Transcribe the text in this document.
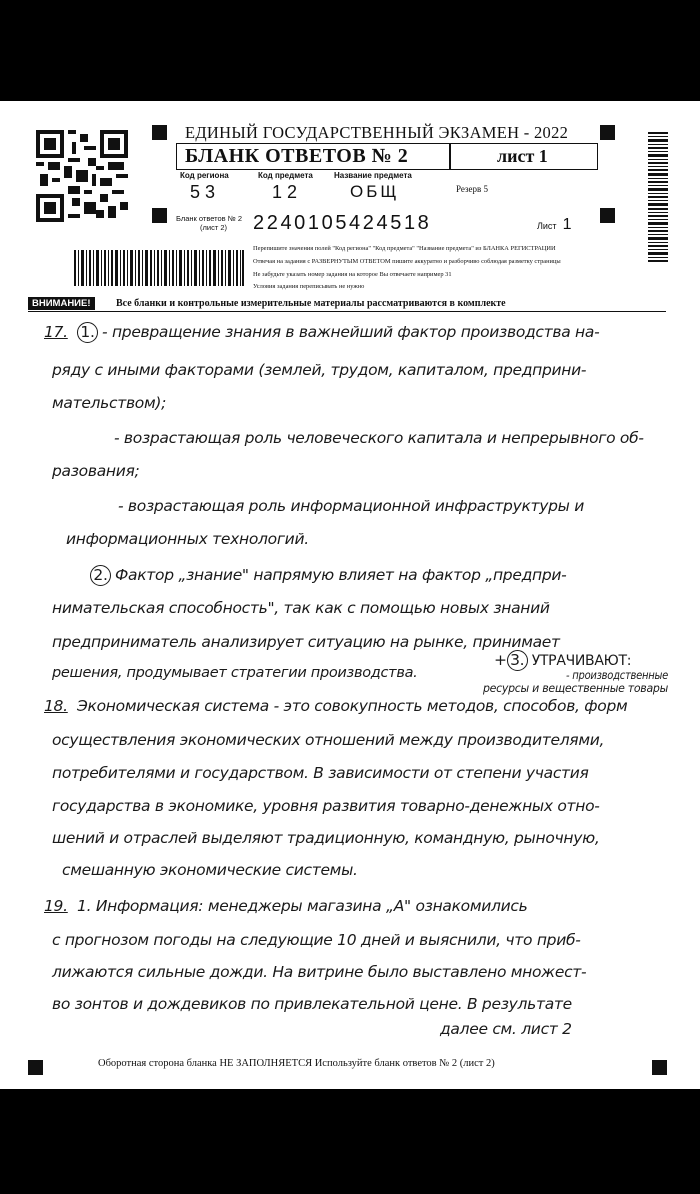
ЕДИНЫЙ ГОСУДАРСТВЕННЫЙ ЭКЗАМЕН - 2022
БЛАНК ОТВЕТОВ № 2	лист 1
Код региона
53
Код предмета
12
Название предмета
ОБЩ	Резерв 5
Бланк ответов № 2
(лист 2)	2240105424518	Лист 1
Перепишите значения полей "Код региона" "Код предмета" "Название предмета" из БЛАНКА РЕГИСТРАЦИИ
Отвечая на задания с РАЗВЕРНУТЫМ ОТВЕТОМ пишите аккуратно и разборчиво соблюдая разметку страницы
Не забудьте указать номер задания на которое Вы отвечаете например 31
Условия задания переписывать не нужно
ВНИМАНИЕ!	Все бланки и контрольные измерительные материалы рассматриваются в комплекте
17. 1. - превращение знания в важнейший фактор производства на-
ряду с иными факторами (землей, трудом, капиталом, предприни-
мательством);
- возрастающая роль человеческого капитала и непрерывного об-
разования;
- возрастающая роль информационной инфраструктуры и
информационных технологий.
2. Фактор „знание" напрямую влияет на фактор „предпри-
нимательская способность", так как с помощью новых знаний
предприниматель анализирует ситуацию на рынке, принимает
решения, продумывает стратегии производства.
+ 3. УТРАЧИВАЮТ:
- производственные
ресурсы и вещественные товары
18. Экономическая система - это совокупность методов, способов, форм
осуществления экономических отношений между производителями,
потребителями и государством. В зависимости от степени участия
государства в экономике, уровня развития товарно-денежных отно-
шений и отраслей выделяют традиционную, командную, рыночную,
смешанную экономические системы.
19. 1. Информация: менеджеры магазина „А" ознакомились
с прогнозом погоды на следующие 10 дней и выяснили, что приб-
лижаются сильные дожди. На витрине было выставлено множест-
во зонтов и дождевиков по привлекательной цене. В результате
далее см. лист 2
Оборотная сторона бланка НЕ ЗАПОЛНЯЕТСЯ Используйте бланк ответов № 2 (лист 2)
